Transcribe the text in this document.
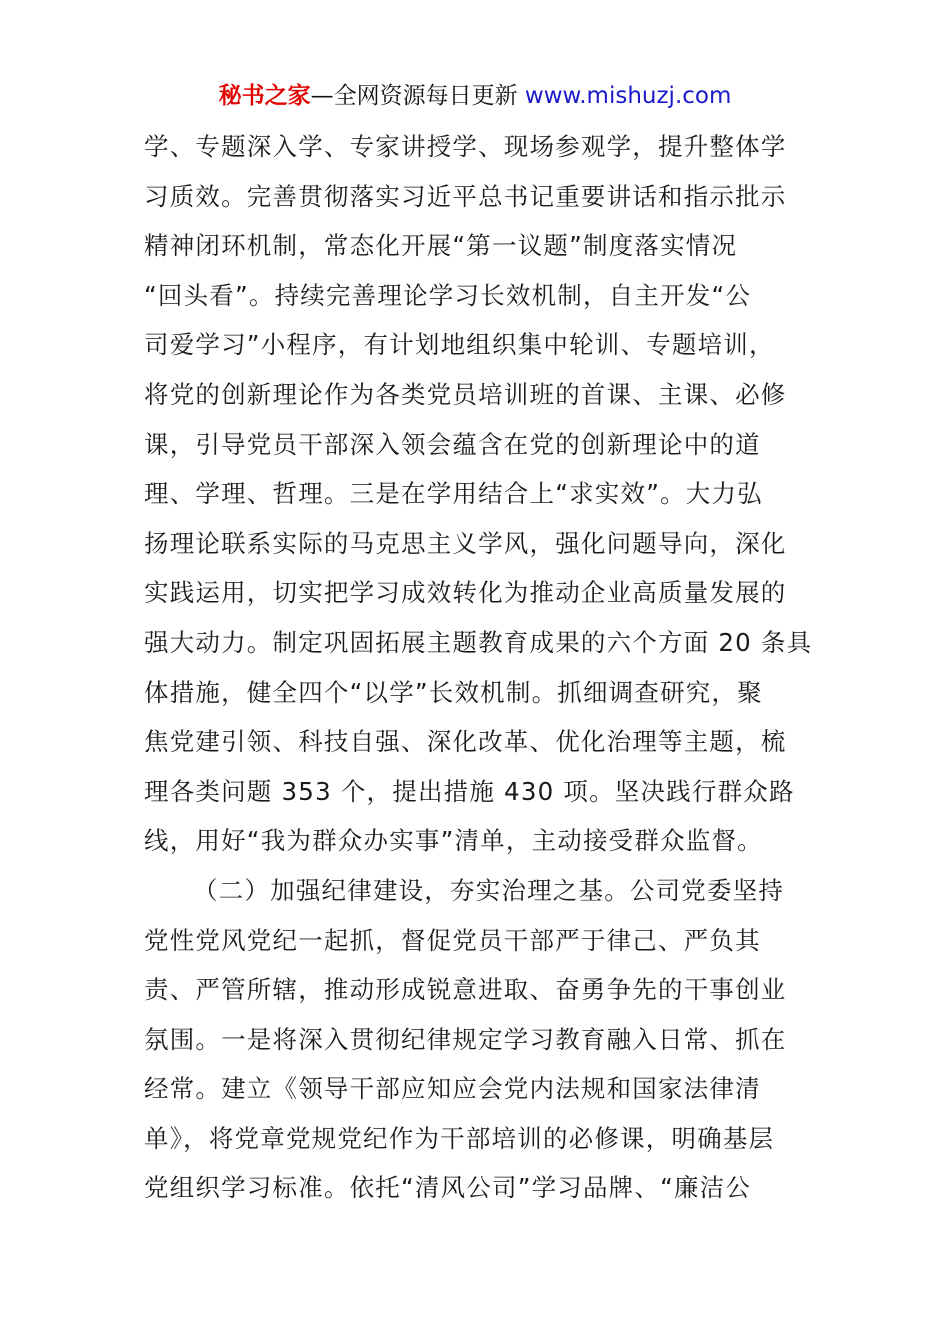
秘书之家—全网资源每日更新 www.mishuzj.com
学、专题深入学、专家讲授学、现场参观学，提升整体学
习质效。完善贯彻落实习近平总书记重要讲话和指示批示
精神闭环机制，常态化开展“第一议题”制度落实情况
“回头看”。持续完善理论学习长效机制，自主开发“公
司爱学习”小程序，有计划地组织集中轮训、专题培训，
将党的创新理论作为各类党员培训班的首课、主课、必修
课，引导党员干部深入领会蕴含在党的创新理论中的道
理、学理、哲理。三是在学用结合上“求实效”。大力弘
扬理论联系实际的马克思主义学风，强化问题导向，深化
实践运用，切实把学习成效转化为推动企业高质量发展的
强大动力。制定巩固拓展主题教育成果的六个方面 20 条具
体措施，健全四个“以学”长效机制。抓细调查研究，聚
焦党建引领、科技自强、深化改革、优化治理等主题，梳
理各类问题 353 个，提出措施 430 项。坚决践行群众路
线，用好“我为群众办实事”清单，主动接受群众监督。
（二）加强纪律建设，夯实治理之基。公司党委坚持
党性党风党纪一起抓，督促党员干部严于律己、严负其
责、严管所辖，推动形成锐意进取、奋勇争先的干事创业
氛围。一是将深入贯彻纪律规定学习教育融入日常、抓在
经常。建立《领导干部应知应会党内法规和国家法律清
单》，将党章党规党纪作为干部培训的必修课，明确基层
党组织学习标准。依托“清风公司”学习品牌、“廉洁公
